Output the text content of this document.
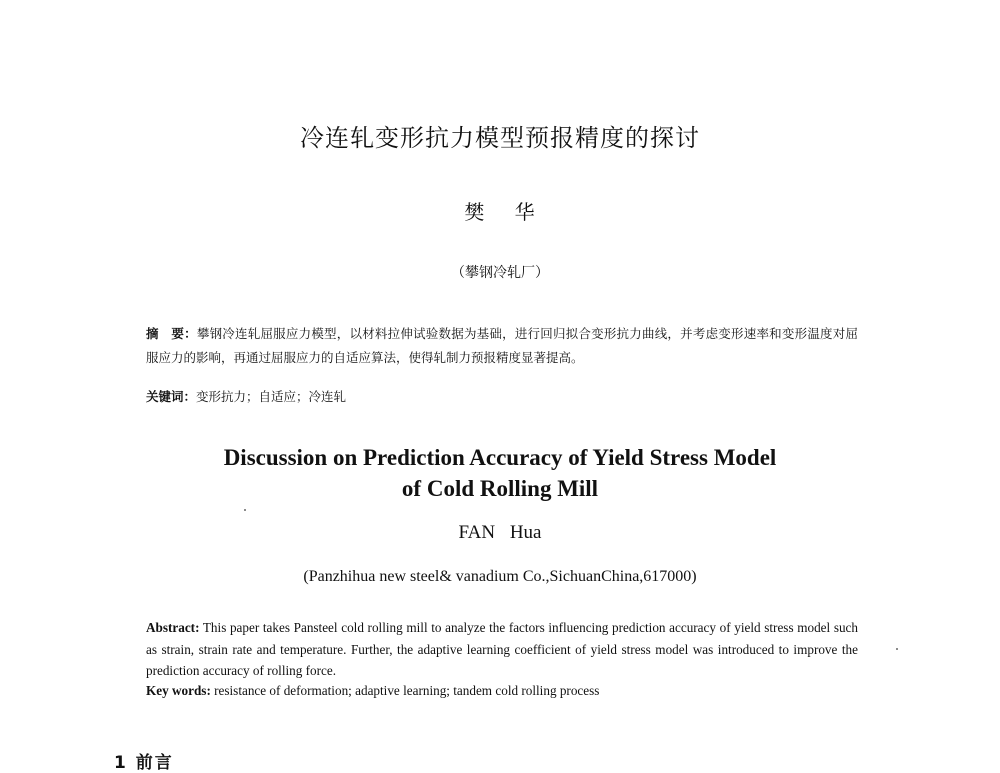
冷连轧变形抗力模型预报精度的探讨
樊 华
（攀钢冷轧厂）
摘　要：攀钢冷连轧屈服应力模型，以材料拉伸试验数据为基础，进行回归拟合变形抗力曲线，并考虑变形速率和变形温度对屈服应力的影响，再通过屈服应力的自适应算法，使得轧制力预报精度显著提高。
关键词：变形抗力；自适应；冷连轧
Discussion on Prediction Accuracy of Yield Stress Model
of Cold Rolling Mill
FAN Hua
(Panzhihua new steel& vanadium Co.,SichuanChina,617000)
Abstract: This paper takes Pansteel cold rolling mill to analyze the factors influencing prediction accuracy of yield stress model such as strain, strain rate and temperature. Further, the adaptive learning coefficient of yield stress model was introduced to improve the prediction accuracy of rolling force.
Key words: resistance of deformation; adaptive learning; tandem cold rolling process
1 前言
